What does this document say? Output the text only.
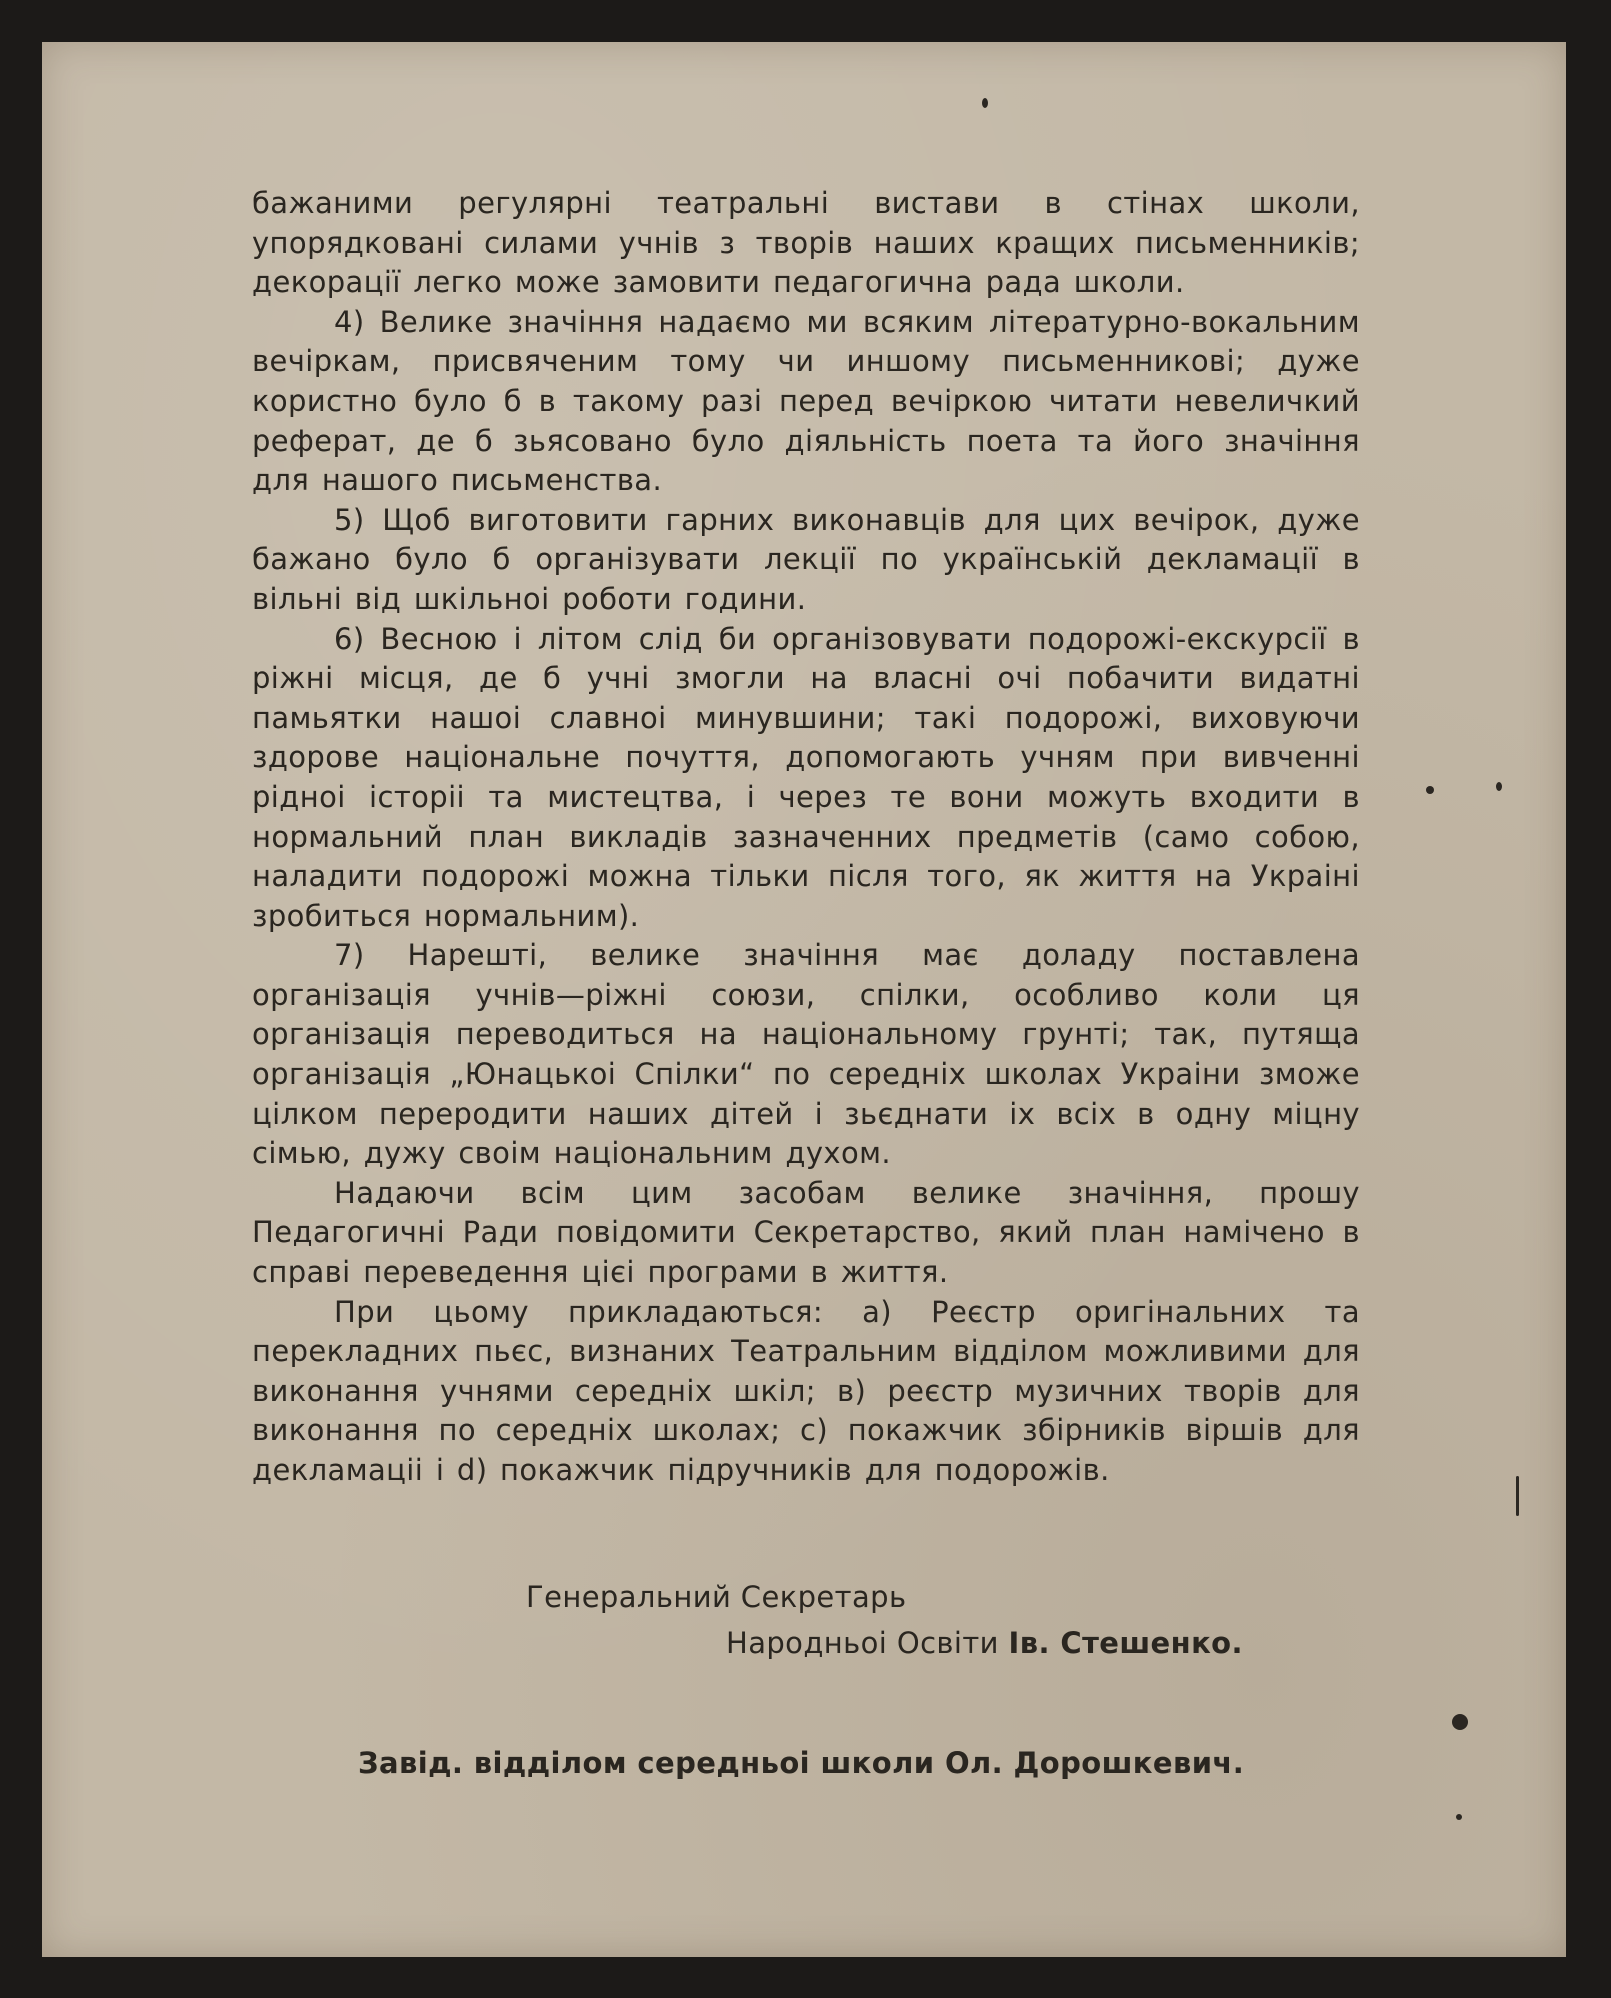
бажаними регулярні театральні вистави в стінах школи, упорядковані силами учнів з творів наших кращих письменників; декорації легко може замовити педагогична рада школи.

4) Велике значіння надаємо ми всяким літературно-вокальним вечіркам, присвяченим тому чи иншому письменникові; дуже користно було б в такому разі перед вечіркою читати невеличкий реферат, де б зьясовано було діяльність поета та його значіння для нашого письменства.

5) Щоб виготовити гарних виконавців для цих вечірок, дуже бажано було б організувати лекції по українській декламації в вільні від шкільноі роботи години.

6) Весною і літом слід би організовувати подорожі-екскурсії в ріжні місця, де б учні змогли на власні очі побачити видатні памьятки нашоі славноі минувшини; такі подорожі, виховуючи здорове національне почуття, допомогають учням при вивченні рідноі історіі та мистецтва, і через те вони можуть входити в нормальний план викладів зазначенних предметів (само собою, наладити подорожі можна тільки після того, як життя на Украіні зробиться нормальним).

7) Нарешті, велике значіння має доладу поставлена організація учнів—ріжні союзи, спілки, особливо коли ця організація переводиться на національному грунті; так, путяща організація „Юнацькоі Спілки“ по середніх школах Украіни зможе цілком переродити наших дітей і зьєднати іх всіх в одну міцну сімью, дужу своім національним духом.

Надаючи всім цим засобам велике значіння, прошу Педагогичні Ради повідомити Секретарство, який план намічено в справі переведення цієі програми в життя.

При цьому прикладаються: а) Реєстр оригінальних та перекладних пьєс, визнаних Театральним відділом можливими для виконання учнями середніх шкіл; в) реєстр музичних творів для виконання по середніх школах; с) покажчик збірників віршів для декламаціі і d) покажчик підручників для подорожів.

Генеральний Секретарь
Народньоі Освіти Ів. Стешенко.
Завід. відділом середньоі школи Ол. Дорошкевич.
